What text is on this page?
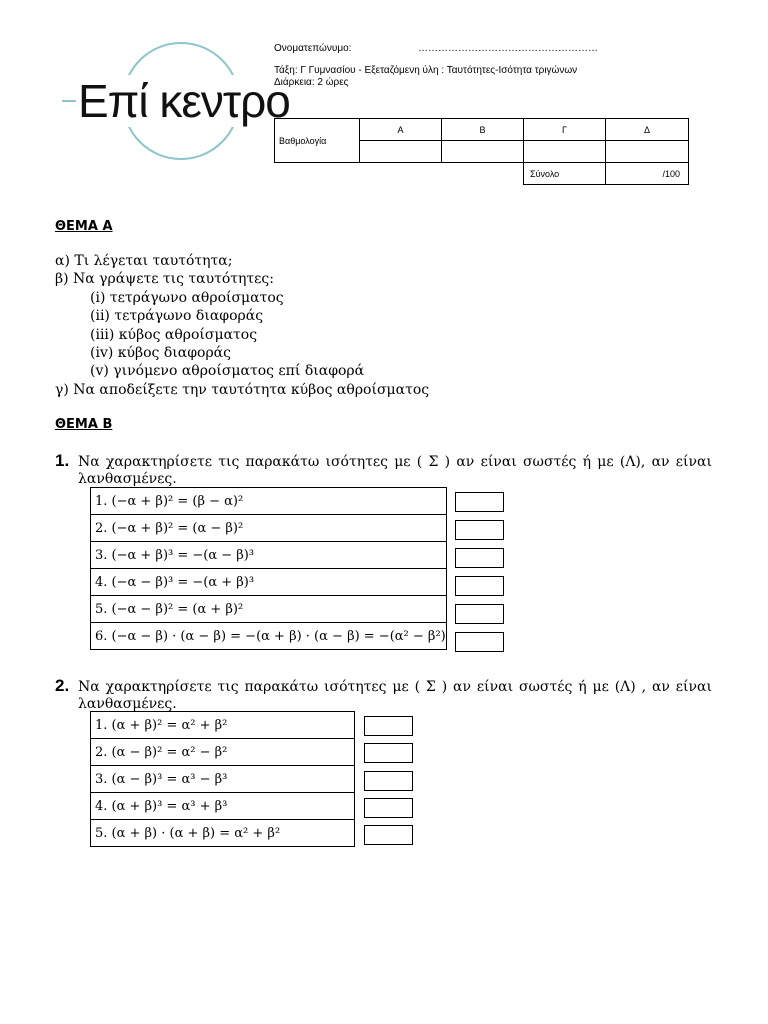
Επί κεντρο
Ονοματεπώνυμο:	………………………………………………
Τάξη: Γ Γυμνασίου - Εξεταζόμενη ύλη : Ταυτότητες-Ισότητα τριγώνων
Διάρκεια: 2 ώρες
Βαθμολογία	Α	Β	Γ	Δ

			Σύνολο	/100
ΘΕΜΑ Α
α) Τι λέγεται ταυτότητα;
β) Να γράψετε τις ταυτότητες:
(i) τετράγωνο αθροίσματος
(ii) τετράγωνο διαφοράς
(iii) κύβος αθροίσματος
(iv) κύβος διαφοράς
(v) γινόμενο αθροίσματος επί διαφορά
γ) Να αποδείξετε την ταυτότητα κύβος αθροίσματος
ΘΕΜΑ Β
1. Να χαρακτηρίσετε τις παρακάτω ισότητες με ( Σ ) αν είναι σωστές ή με (Λ), αν είναι
λανθασμένες.
1. (−α + β)² = (β − α)²
2. (−α + β)² = (α − β)²
3. (−α + β)³ = −(α − β)³
4. (−α − β)³ = −(α + β)³
5. (−α − β)² = (α + β)²
6. (−α − β) · (α − β) = −(α + β) · (α − β) = −(α² − β²)
2. Να χαρακτηρίσετε τις παρακάτω ισότητες με ( Σ ) αν είναι σωστές ή με (Λ) , αν είναι
λανθασμένες.
1. (α + β)² = α² + β²
2. (α − β)² = α² − β²
3. (α − β)³ = α³ − β³
4. (α + β)³ = α³ + β³
5. (α + β) · (α + β) = α² + β²
